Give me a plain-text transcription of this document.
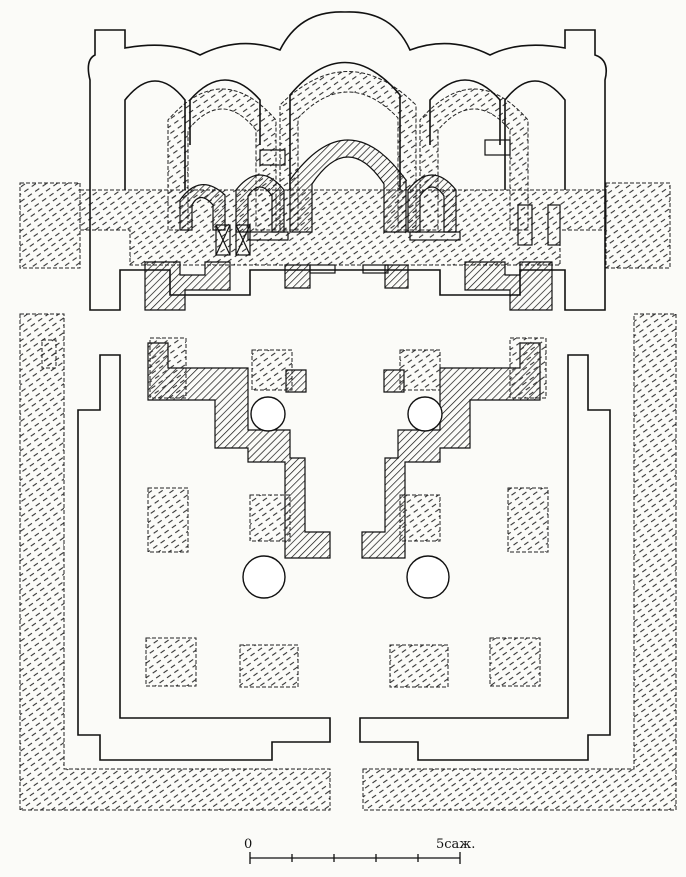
0	5саж.
